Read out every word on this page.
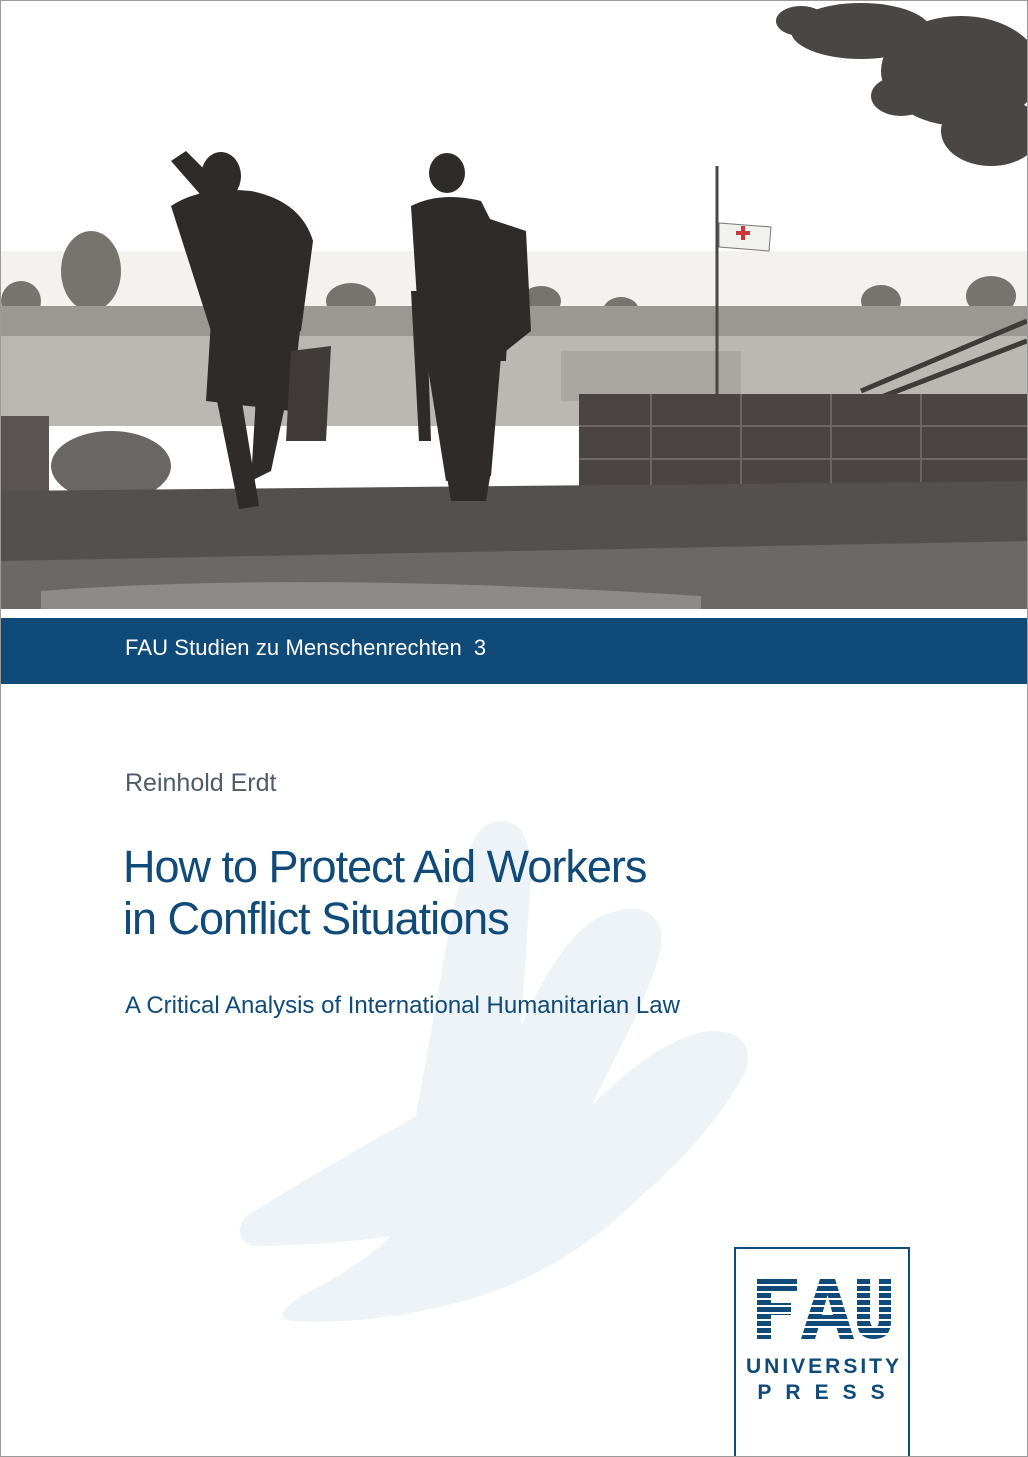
FAU Studien zu Menschenrechten 3
Reinhold Erdt
How to Protect Aid Workers
in Conflict Situations
A Critical Analysis of International Humanitarian Law
UNIVERSITY
PRESS
